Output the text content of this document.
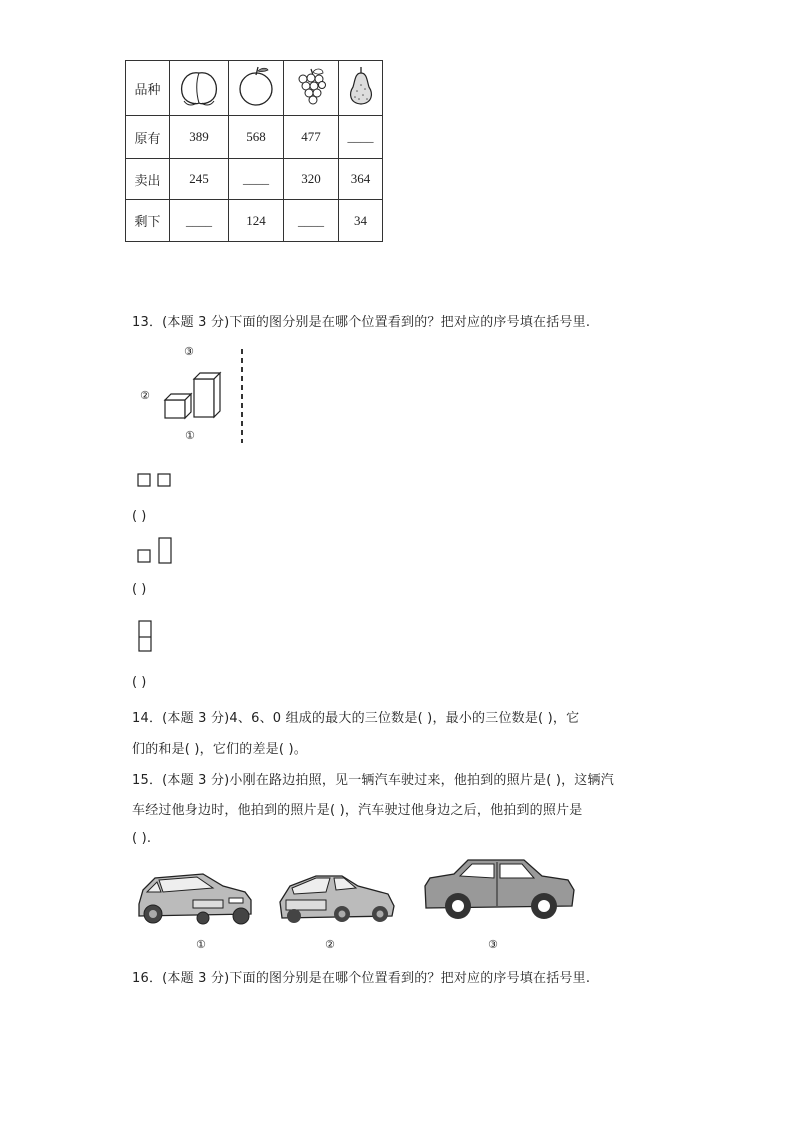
品种				
原有	389	568	477	____
卖出	245	____	320	364
剩下	____	124	____	34
13．(本题 3 分)下面的图分别是在哪个位置看到的？把对应的序号填在括号里.
③
②
①
( )
( )
( )
14．(本题 3 分)4、6、0 组成的最大的三位数是( )，最小的三位数是( )，它
们的和是( )，它们的差是( )。
15．(本题 3 分)小刚在路边拍照，见一辆汽车驶过来，他拍到的照片是( )，这辆汽
车经过他身边时，他拍到的照片是( )，汽车驶过他身边之后，他拍到的照片是
( ).
①	②	③
16．(本题 3 分)下面的图分别是在哪个位置看到的？把对应的序号填在括号里.
